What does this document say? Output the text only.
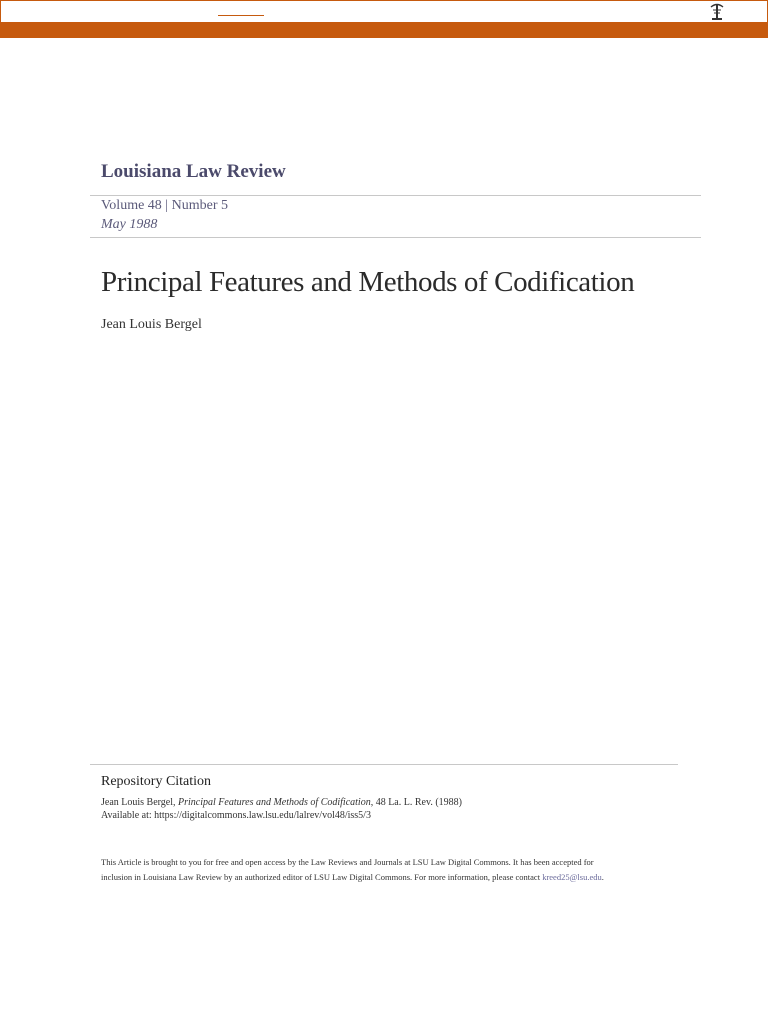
Louisiana Law Review
Volume 48 | Number 5
May 1988
Principal Features and Methods of Codification
Jean Louis Bergel
Repository Citation
Jean Louis Bergel, Principal Features and Methods of Codification, 48 La. L. Rev. (1988)
Available at: https://digitalcommons.law.lsu.edu/lalrev/vol48/iss5/3
This Article is brought to you for free and open access by the Law Reviews and Journals at LSU Law Digital Commons. It has been accepted for
inclusion in Louisiana Law Review by an authorized editor of LSU Law Digital Commons. For more information, please contact kreed25@lsu.edu.
